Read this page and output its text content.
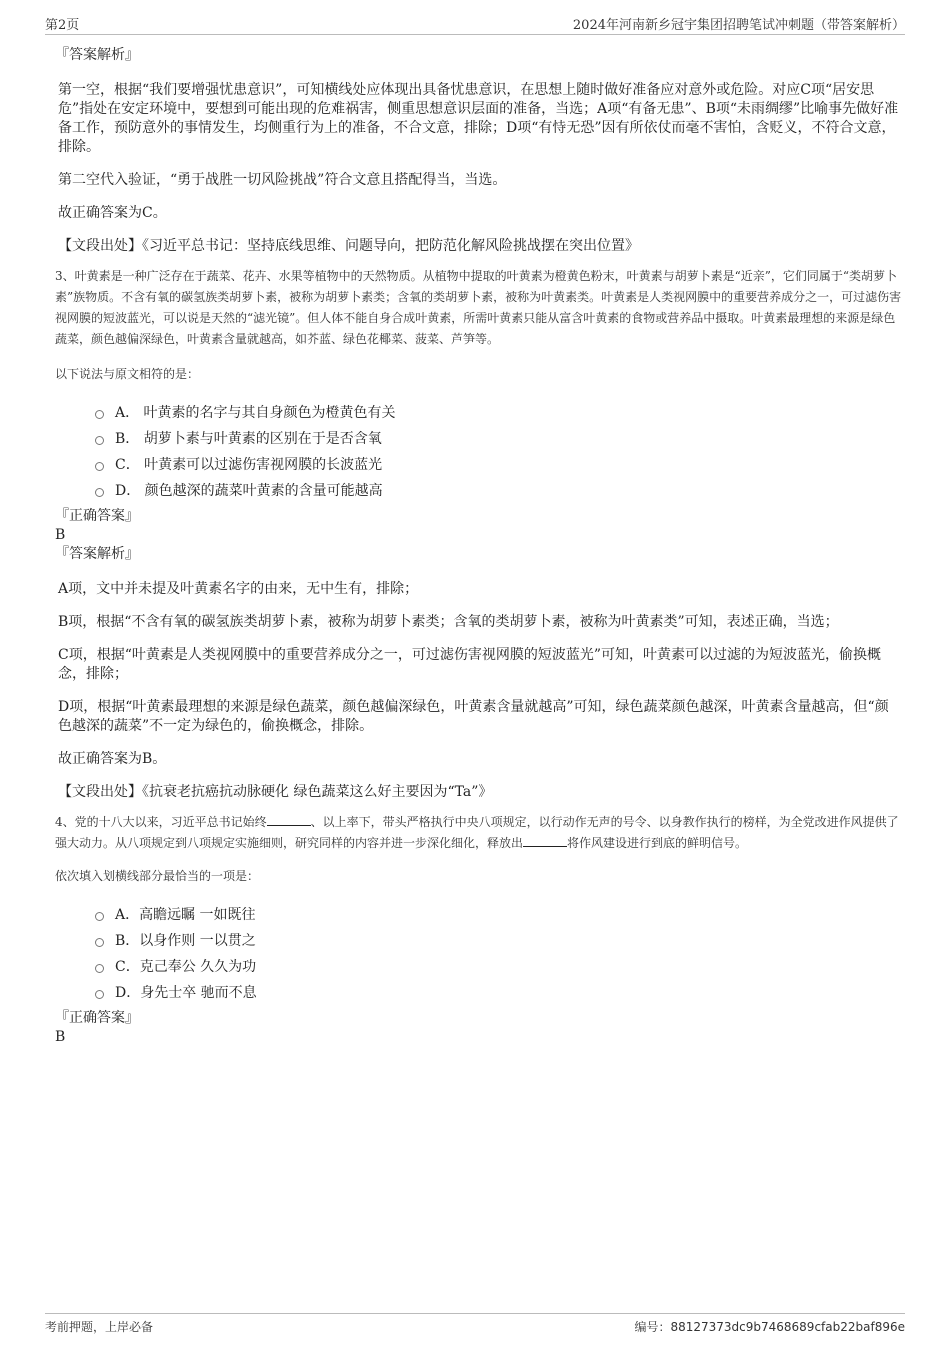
第2页	2024年河南新乡冠宇集团招聘笔试冲刺题（带答案解析）

『答案解析』

第一空，根据“我们要增强忧患意识”，可知横线处应体现出具备忧患意识，在思想上随时做好准备应对意外或危险。对应C项“居安思危”指处在安定环境中，要想到可能出现的危难祸害，侧重思想意识层面的准备，当选；A项“有备无患”、B项“未雨绸缪”比喻事先做好准备工作，预防意外的事情发生，均侧重行为上的准备，不合文意，排除；D项“有恃无恐”因有所依仗而毫不害怕，含贬义，不符合文意，排除。

第二空代入验证，“勇于战胜一切风险挑战”符合文意且搭配得当，当选。

故正确答案为C。

【文段出处】《习近平总书记：坚持底线思维、问题导向，把防范化解风险挑战摆在突出位置》

3、叶黄素是一种广泛存在于蔬菜、花卉、水果等植物中的天然物质。从植物中提取的叶黄素为橙黄色粉末，叶黄素与胡萝卜素是“近亲”，它们同属于“类胡萝卜素”族物质。不含有氧的碳氢族类胡萝卜素，被称为胡萝卜素类；含氧的类胡萝卜素，被称为叶黄素类。叶黄素是人类视网膜中的重要营养成分之一，可过滤伤害视网膜的短波蓝光，可以说是天然的“滤光镜”。但人体不能自身合成叶黄素，所需叶黄素只能从富含叶黄素的食物或营养品中摄取。叶黄素最理想的来源是绿色蔬菜，颜色越偏深绿色，叶黄素含量就越高，如芥蓝、绿色花椰菜、菠菜、芦笋等。

以下说法与原文相符的是：

A． 叶黄素的名字与其自身颜色为橙黄色有关
B． 胡萝卜素与叶黄素的区别在于是否含氧
C． 叶黄素可以过滤伤害视网膜的长波蓝光
D． 颜色越深的蔬菜叶黄素的含量可能越高

『正确答案』

B

『答案解析』

A项，文中并未提及叶黄素名字的由来，无中生有，排除；

B项，根据“不含有氧的碳氢族类胡萝卜素，被称为胡萝卜素类；含氧的类胡萝卜素，被称为叶黄素类”可知，表述正确，当选；

C项，根据“叶黄素是人类视网膜中的重要营养成分之一，可过滤伤害视网膜的短波蓝光”可知，叶黄素可以过滤的为短波蓝光，偷换概念，排除；

D项，根据“叶黄素最理想的来源是绿色蔬菜，颜色越偏深绿色，叶黄素含量就越高”可知，绿色蔬菜颜色越深，叶黄素含量越高，但“颜色越深的蔬菜”不一定为绿色的，偷换概念，排除。

故正确答案为B。

【文段出处】《抗衰老抗癌抗动脉硬化 绿色蔬菜这么好主要因为“Ta”》

4、党的十八大以来，习近平总书记始终	、以上率下，带头严格执行中央八项规定，以行动作无声的号令、以身教作执行的榜样，为全党改进作风提供了强大动力。从八项规定到八项规定实施细则，研究同样的内容并进一步深化细化，释放出	将作风建设进行到底的鲜明信号。

依次填入划横线部分最恰当的一项是：

A．高瞻远瞩 一如既往
B．以身作则 一以贯之
C．克己奉公 久久为功
D．身先士卒 驰而不息

『正确答案』

B

考前押题，上岸必备	编号：88127373dc9b7468689cfab22baf896e
